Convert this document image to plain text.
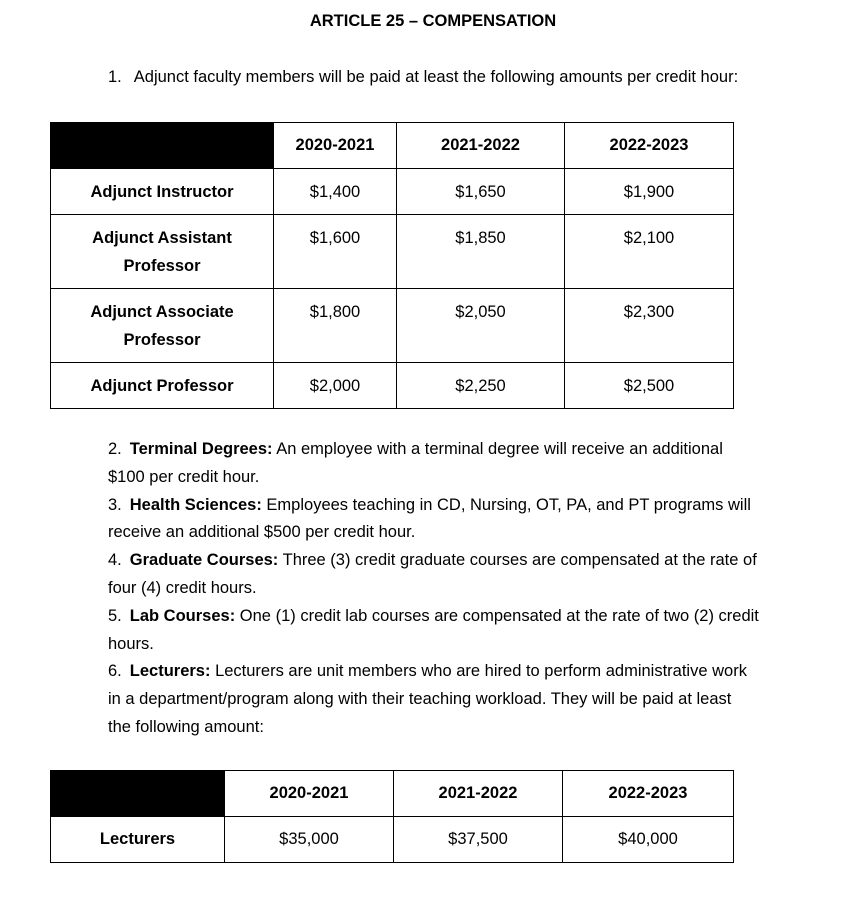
ARTICLE 25 – COMPENSATION
1. Adjunct faculty members will be paid at least the following amounts per credit hour:
	2020-2021	2021-2022	2022-2023

Adjunct Instructor	$1,400	$1,650	$1,900

Adjunct Assistant
Professor	$1,600	$1,850	$2,100

Adjunct Associate
Professor	$1,800	$2,050	$2,300

Adjunct Professor	$2,000	$2,250	$2,500

2. Terminal Degrees: An employee with a terminal degree will receive an additional
$100 per credit hour.

3. Health Sciences: Employees teaching in CD, Nursing, OT, PA, and PT programs will
receive an additional $500 per credit hour.

4. Graduate Courses: Three (3) credit graduate courses are compensated at the rate of
four (4) credit hours.

5. Lab Courses: One (1) credit lab courses are compensated at the rate of two (2) credit
hours.

6. Lecturers: Lecturers are unit members who are hired to perform administrative work
in a department/program along with their teaching workload. They will be paid at least
the following amount:

	2020-2021	2021-2022	2022-2023
Lecturers	$35,000	$37,500	$40,000
